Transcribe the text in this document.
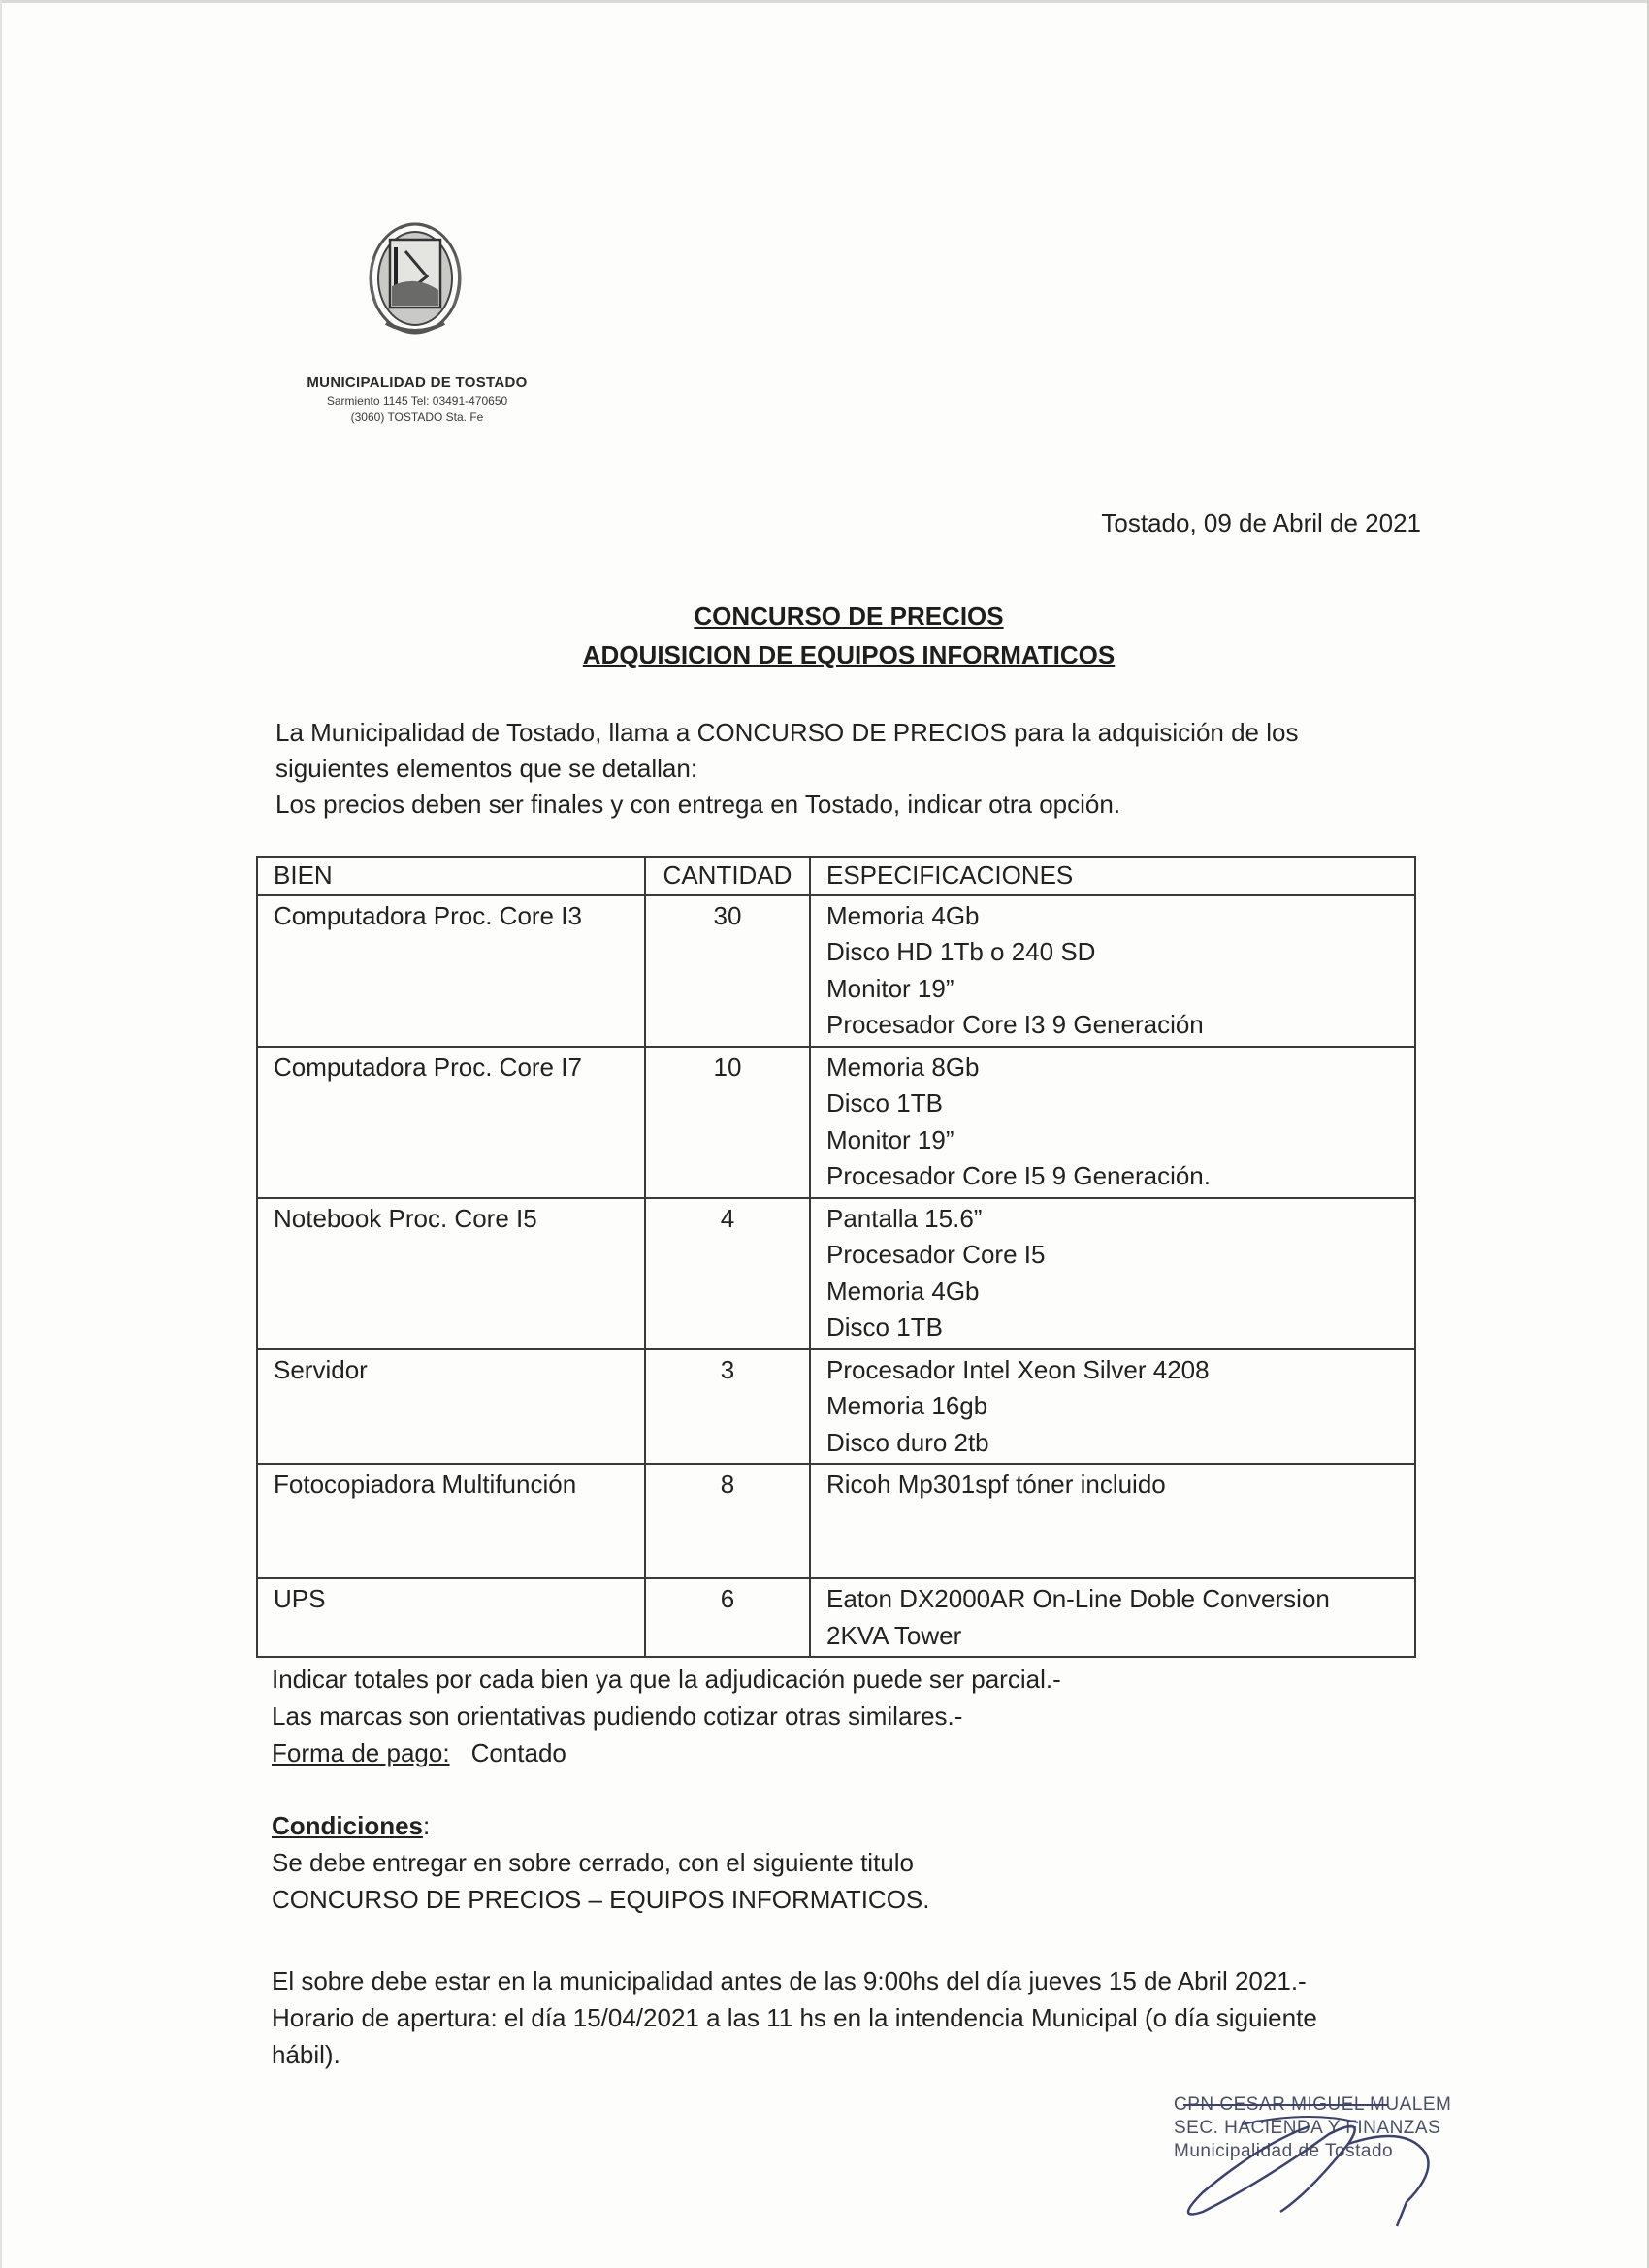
MUNICIPALIDAD DE TOSTADO
Sarmiento 1145 Tel: 03491-470650
(3060) TOSTADO Sta. Fe
Tostado, 09 de Abril de 2021
CONCURSO DE PRECIOS
ADQUISICION DE EQUIPOS INFORMATICOS
La Municipalidad de Tostado, llama a CONCURSO DE PRECIOS para la adquisición de los
siguientes elementos que se detallan:
Los precios deben ser finales y con entrega en Tostado, indicar otra opción.
BIEN	CANTIDAD	ESPECIFICACIONES
Computadora Proc. Core I3	30	Memoria 4Gb
Disco HD 1Tb o 240 SD
Monitor 19”
Procesador Core I3 9 Generación

Computadora Proc. Core I7	10	Memoria 8Gb
Disco 1TB
Monitor 19”
Procesador Core I5 9 Generación.

Notebook Proc. Core I5	4	Pantalla 15.6”
Procesador Core I5
Memoria 4Gb
Disco 1TB

Servidor	3	Procesador Intel Xeon Silver 4208
Memoria 16gb
Disco duro 2tb

Fotocopiadora Multifunción	8	Ricoh Mp301spf tóner incluido

UPS	6	Eaton DX2000AR On-Line Doble Conversion
2KVA Tower
Indicar totales por cada bien ya que la adjudicación puede ser parcial.-
Las marcas son orientativas pudiendo cotizar otras similares.-
Forma de pago: Contado
Condiciones:
Se debe entregar en sobre cerrado, con el siguiente titulo
CONCURSO DE PRECIOS – EQUIPOS INFORMATICOS.
El sobre debe estar en la municipalidad antes de las 9:00hs del día jueves 15 de Abril 2021.-
Horario de apertura: el día 15/04/2021 a las 11 hs en la intendencia Municipal (o día siguiente
hábil).
CPN CESAR MIGUEL MUALEM
SEC. HACIENDA Y FINANZAS
Municipalidad de Tostado
